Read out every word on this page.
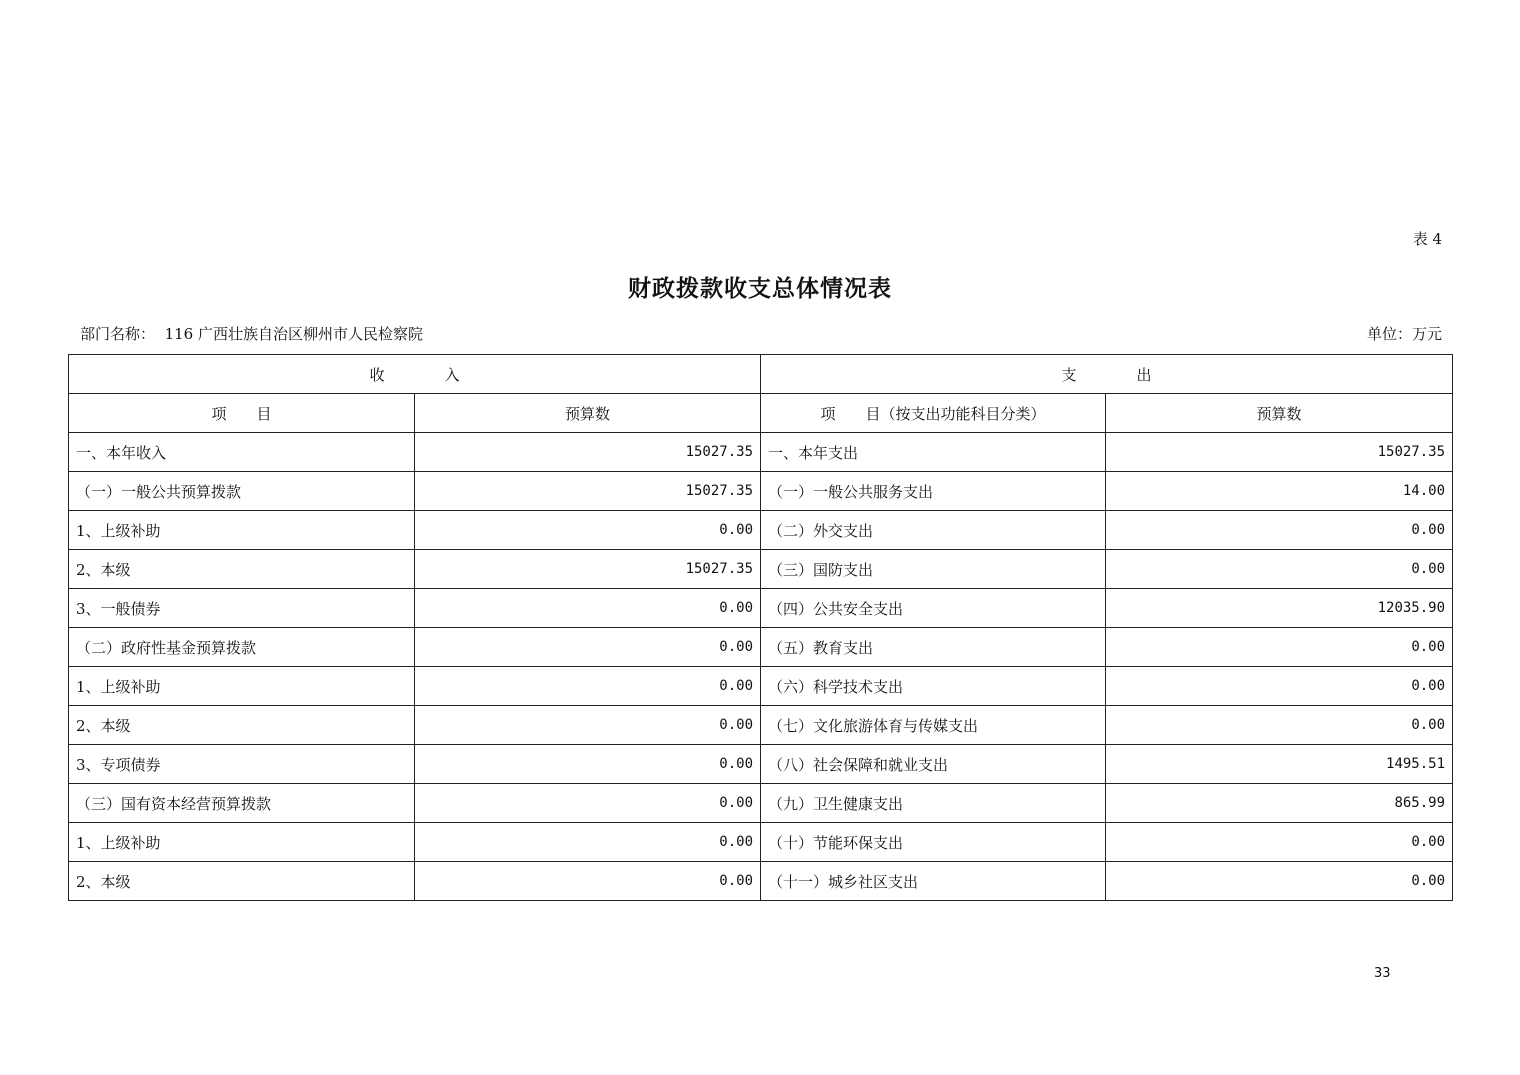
表 4
财政拨款收支总体情况表
部门名称： 116 广西壮族自治区柳州市人民检察院	单位：万元
收　　　　入		支　　　　出	
项　　目	预算数	项　　目（按支出功能科目分类）	预算数
一、本年收入	15027.35	一、本年支出	15027.35
（一）一般公共预算拨款	15027.35	（一）一般公共服务支出	14.00
1、上级补助	0.00	（二）外交支出	0.00
2、本级	15027.35	（三）国防支出	0.00
3、一般债券	0.00	（四）公共安全支出	12035.90
（二）政府性基金预算拨款	0.00	（五）教育支出	0.00
1、上级补助	0.00	（六）科学技术支出	0.00
2、本级	0.00	（七）文化旅游体育与传媒支出	0.00
3、专项债券	0.00	（八）社会保障和就业支出	1495.51
（三）国有资本经营预算拨款	0.00	（九）卫生健康支出	865.99
1、上级补助	0.00	（十）节能环保支出	0.00
2、本级	0.00	（十一）城乡社区支出	0.00
33
